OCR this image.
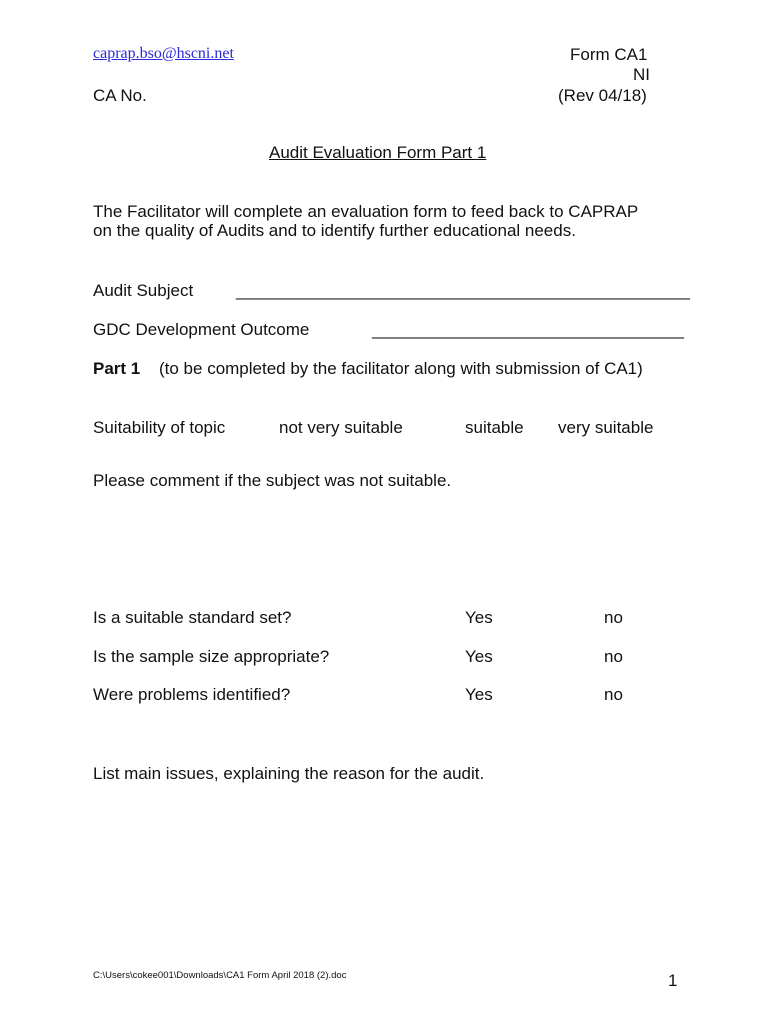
caprap.bso@hscni.net	Form CA1
NI
CA No.	(Rev 04/18)
Audit Evaluation Form Part 1
The Facilitator will complete an evaluation form to feed back to CAPRAP
on the quality of Audits and to identify further educational needs.
Audit Subject	________________________________________________
GDC Development Outcome	_________________________________
Part 1 (to be completed by the facilitator along with submission of CA1)
Suitability of topic	not very suitable	suitable very suitable
Please comment if the subject was not suitable.
Is a suitable standard set?	Yes	no
Is the sample size appropriate?	Yes	no
Were problems identified?	Yes	no
List main issues, explaining the reason for the audit.
C:\Users\cokee001\Downloads\CA1 Form April 2018 (2).doc	1
